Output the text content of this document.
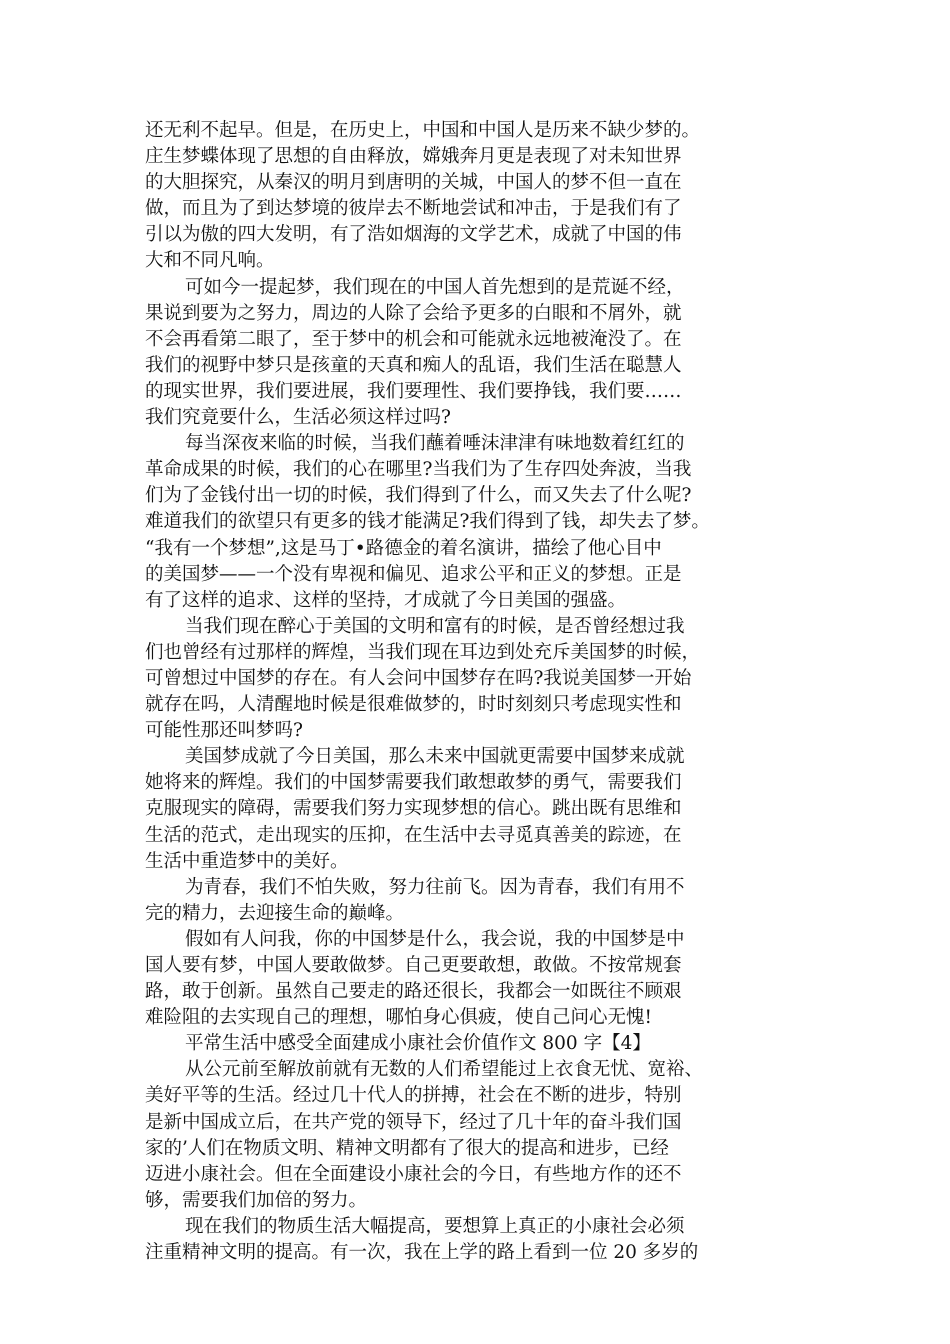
还无利不起早。但是，在历史上，中国和中国人是历来不缺少梦的。
庄生梦蝶体现了思想的自由释放，嫦娥奔月更是表现了对未知世界
的大胆探究，从秦汉的明月到唐明的关城，中国人的梦不但一直在
做，而且为了到达梦境的彼岸去不断地尝试和冲击，于是我们有了
引以为傲的四大发明，有了浩如烟海的文学艺术，成就了中国的伟
大和不同凡响。
可如今一提起梦，我们现在的中国人首先想到的是荒诞不经，
果说到要为之努力，周边的人除了会给予更多的白眼和不屑外，就
不会再看第二眼了，至于梦中的机会和可能就永远地被淹没了。在
我们的视野中梦只是孩童的天真和痴人的乱语，我们生活在聪慧人
的现实世界，我们要进展，我们要理性、我们要挣钱，我们要……
我们究竟要什么，生活必须这样过吗?
每当深夜来临的时候，当我们蘸着唾沫津津有味地数着红红的
革命成果的时候，我们的心在哪里?当我们为了生存四处奔波，当我
们为了金钱付出一切的时候，我们得到了什么，而又失去了什么呢?
难道我们的欲望只有更多的钱才能满足?我们得到了钱，却失去了梦。
“我有一个梦想”,这是马丁•路德金的着名演讲，描绘了他心目中
的美国梦——一个没有卑视和偏见、追求公平和正义的梦想。正是
有了这样的追求、这样的坚持，才成就了今日美国的强盛。
当我们现在醉心于美国的文明和富有的时候，是否曾经想过我
们也曾经有过那样的辉煌，当我们现在耳边到处充斥美国梦的时候，
可曾想过中国梦的存在。有人会问中国梦存在吗?我说美国梦一开始
就存在吗，人清醒地时候是很难做梦的，时时刻刻只考虑现实性和
可能性那还叫梦吗?
美国梦成就了今日美国，那么未来中国就更需要中国梦来成就
她将来的辉煌。我们的中国梦需要我们敢想敢梦的勇气，需要我们
克服现实的障碍，需要我们努力实现梦想的信心。跳出既有思维和
生活的范式，走出现实的压抑，在生活中去寻觅真善美的踪迹，在
生活中重造梦中的美好。
为青春，我们不怕失败，努力往前飞。因为青春，我们有用不
完的精力，去迎接生命的巅峰。
假如有人问我，你的中国梦是什么，我会说，我的中国梦是中
国人要有梦，中国人要敢做梦。自己更要敢想，敢做。不按常规套
路，敢于创新。虽然自己要走的路还很长，我都会一如既往不顾艰
难险阻的去实现自己的理想，哪怕身心俱疲，使自己问心无愧!
平常生活中感受全面建成小康社会价值作文 800 字【4】
从公元前至解放前就有无数的人们希望能过上衣食无忧、宽裕、
美好平等的生活。经过几十代人的拼搏，社会在不断的进步，特别
是新中国成立后，在共产党的领导下，经过了几十年的奋斗我们国
家的’人们在物质文明、精神文明都有了很大的提高和进步，已经
迈进小康社会。但在全面建设小康社会的今日，有些地方作的还不
够，需要我们加倍的努力。
现在我们的物质生活大幅提高，要想算上真正的小康社会必须
注重精神文明的提高。有一次，我在上学的路上看到一位 20 多岁的
